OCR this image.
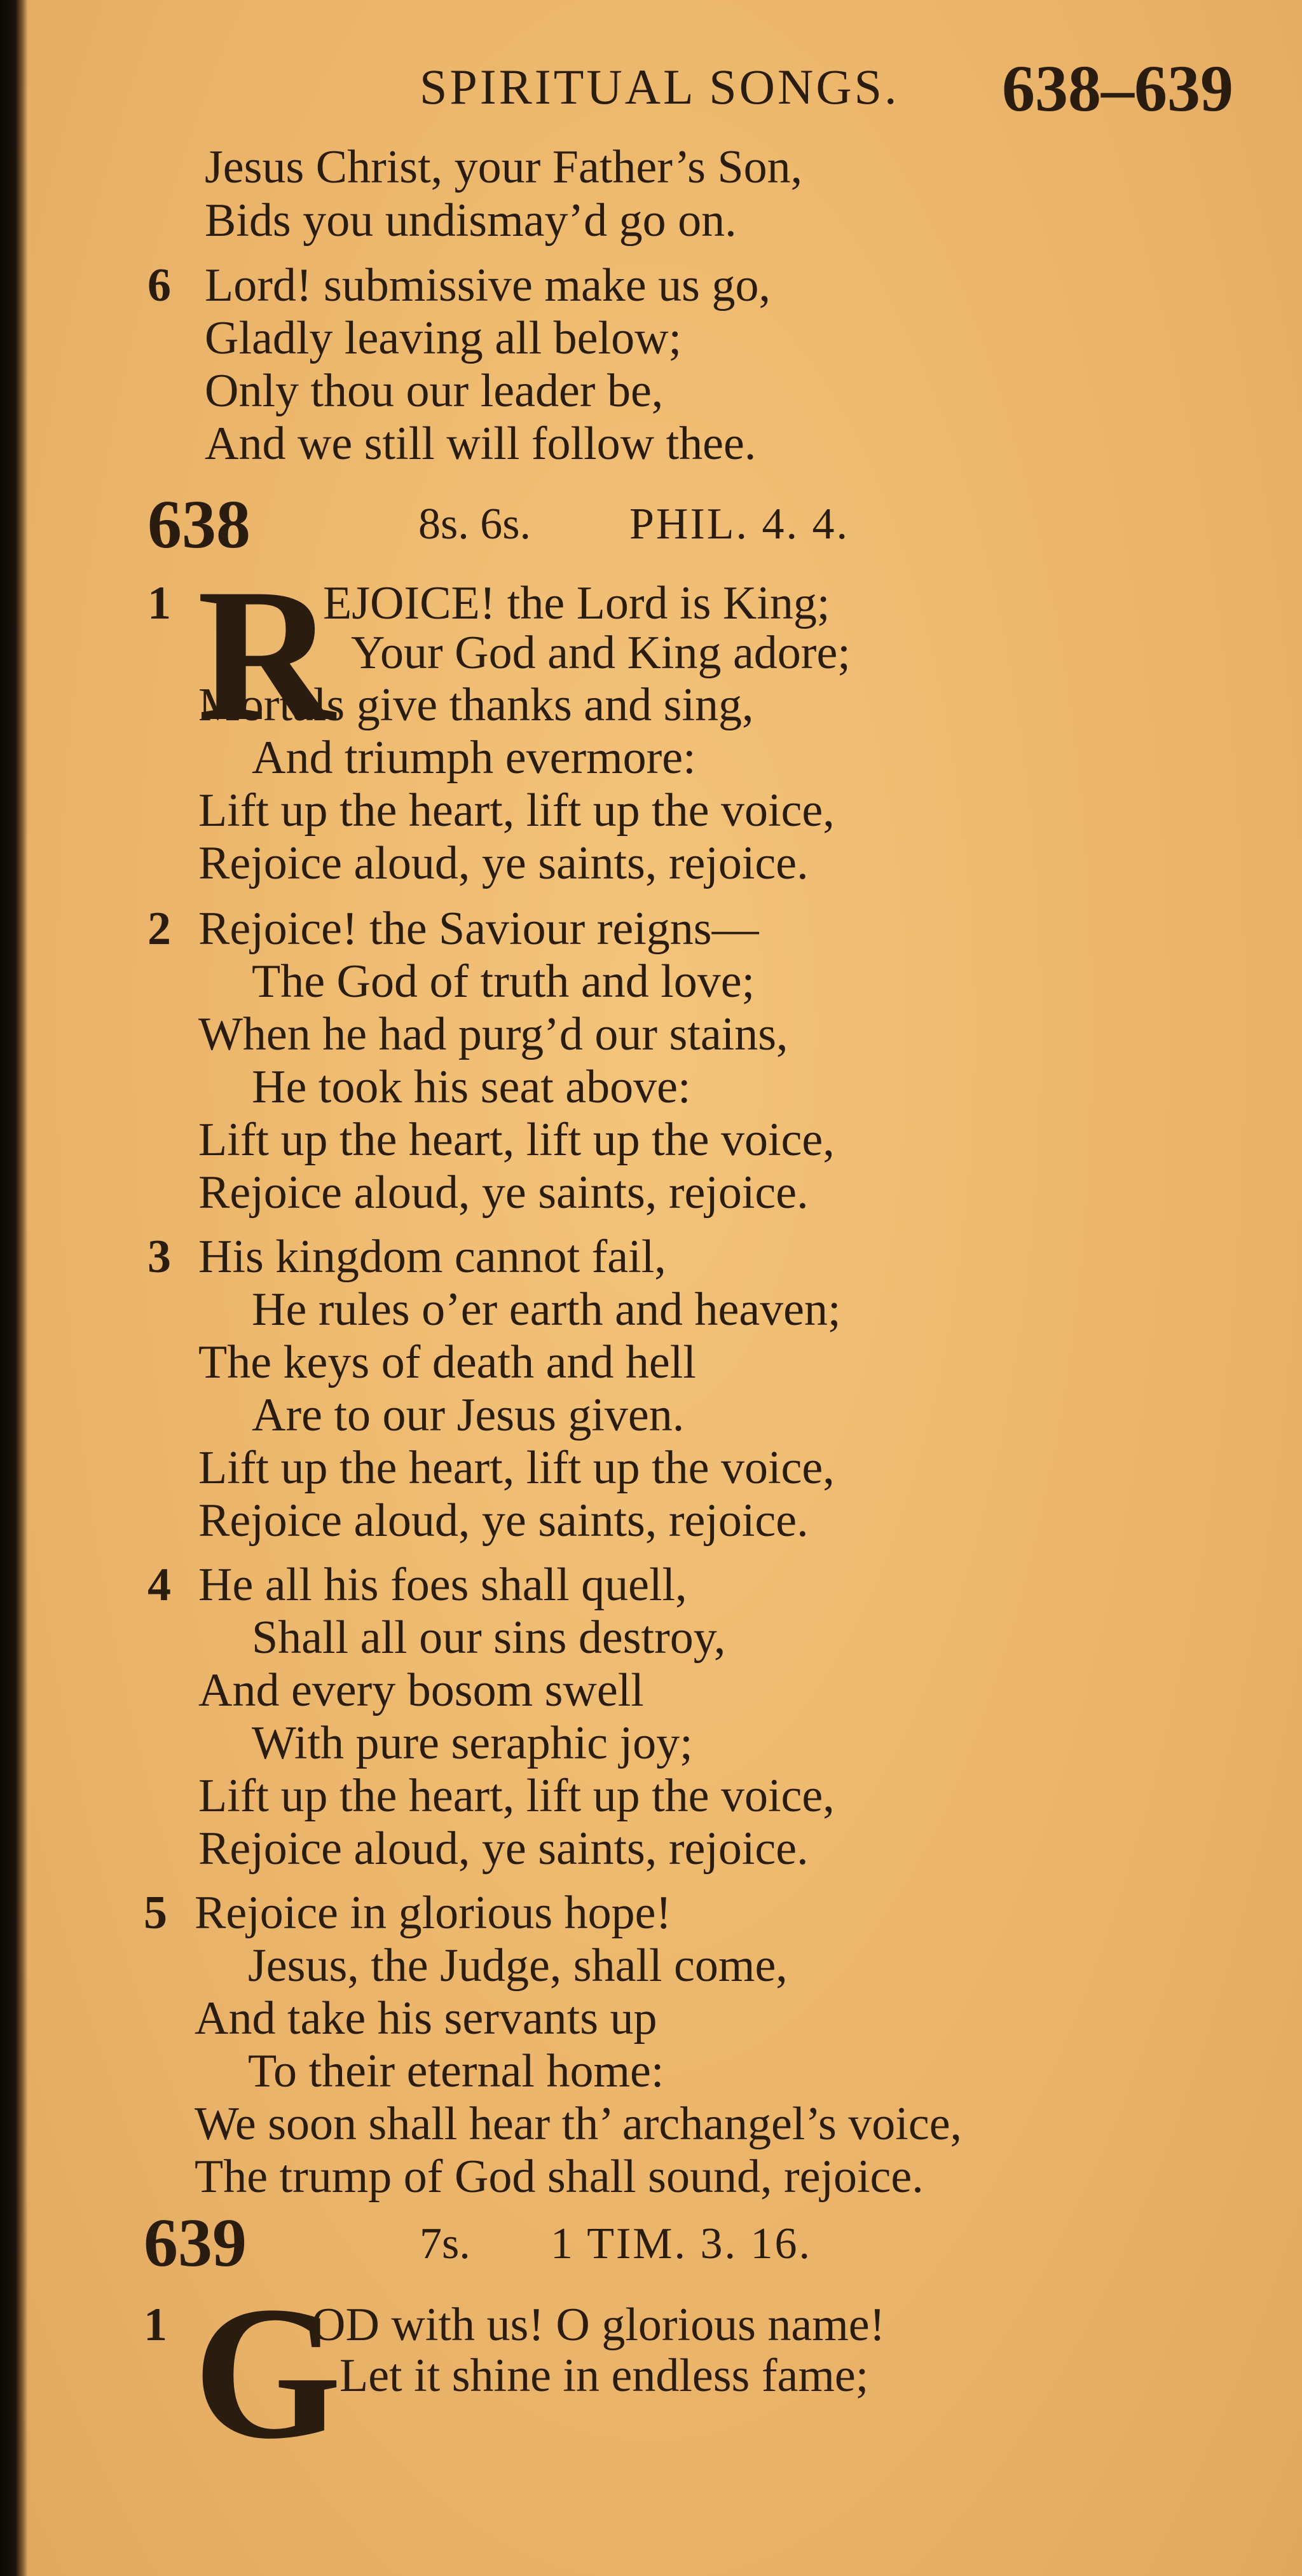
SPIRITUAL SONGS. 638–639
Jesus Christ, your Father’s Son,
Bids you undismay’d go on.
6 Lord! submissive make us go,
Gladly leaving all below;
Only thou our leader be,
And we still will follow thee.
638	8s. 6s. PHIL. 4. 4.
1 R
EJOICE! the Lord is King;
Your God and King adore;
Mortals give thanks and sing,
And triumph evermore:
Lift up the heart, lift up the voice,
Rejoice aloud, ye saints, rejoice.
2 Rejoice! the Saviour reigns—
The God of truth and love;
When he had purg’d our stains,
He took his seat above:
Lift up the heart, lift up the voice,
Rejoice aloud, ye saints, rejoice.
3 His kingdom cannot fail,
He rules o’er earth and heaven;
The keys of death and hell
Are to our Jesus given.
Lift up the heart, lift up the voice,
Rejoice aloud, ye saints, rejoice.
4 He all his foes shall quell,
Shall all our sins destroy,
And every bosom swell
With pure seraphic joy;
Lift up the heart, lift up the voice,
Rejoice aloud, ye saints, rejoice.
5 Rejoice in glorious hope!
Jesus, the Judge, shall come,
And take his servants up
To their eternal home:
We soon shall hear th’ archangel’s voice,
The trump of God shall sound, rejoice.
639	7s. 1 TIM. 3. 16.
1 G
OD with us! O glorious name!
Let it shine in endless fame;
